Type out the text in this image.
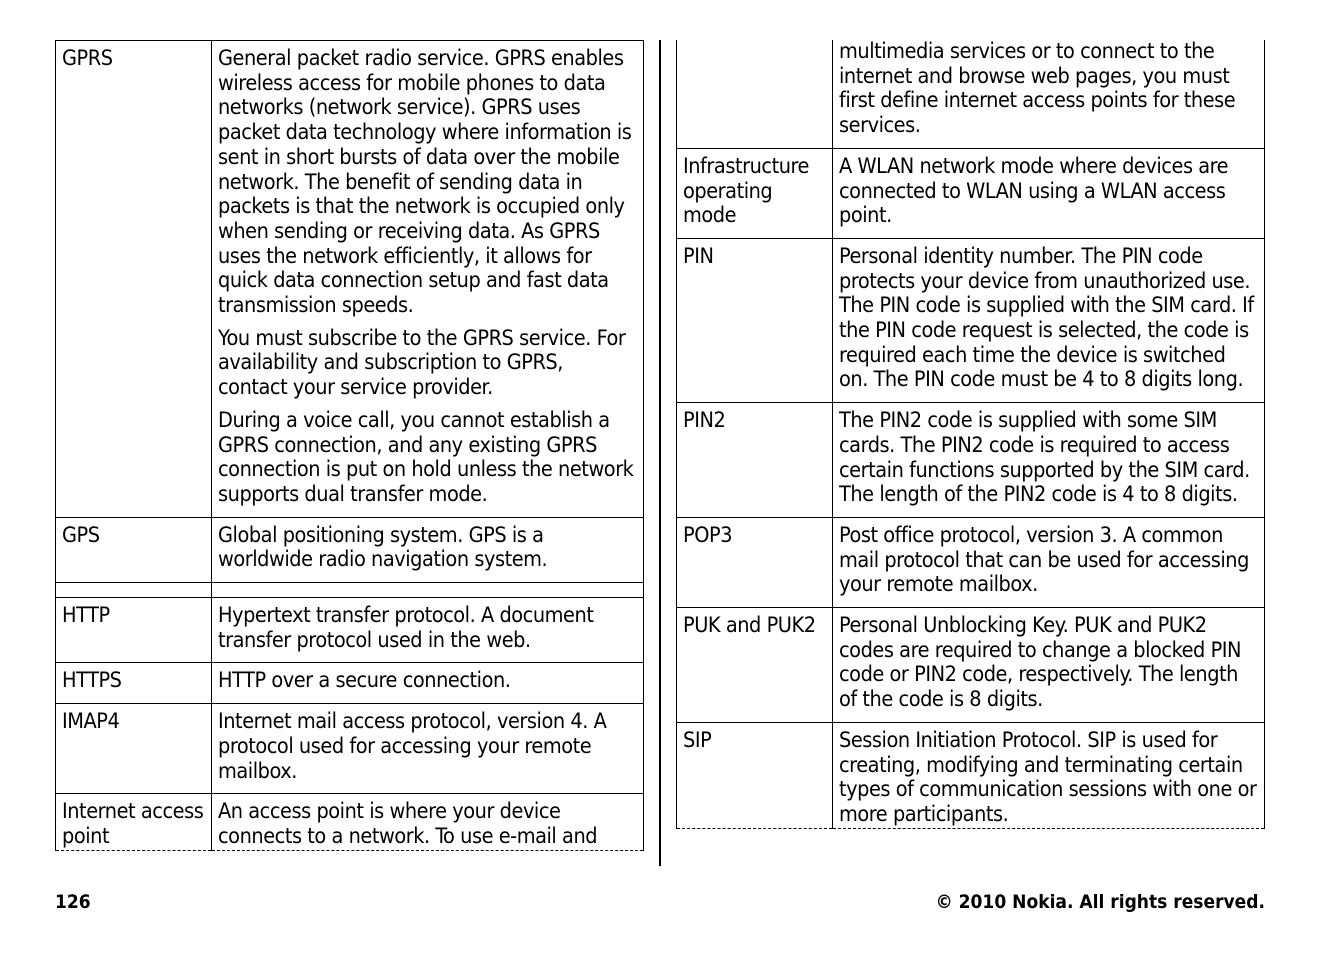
GPRS	General packet radio service. GPRS enables wireless access for mobile phones to data networks (network service). GPRS uses packet data technology where information is sent in short bursts of data over the mobile network. The benefit of sending data in packets is that the network is occupied only when sending or receiving data. As GPRS uses the network efficiently, it allows for quick data connection setup and fast data transmission speeds.

You must subscribe to the GPRS service. For availability and subscription to GPRS, contact your service provider.

During a voice call, you cannot establish a GPRS connection, and any existing GPRS connection is put on hold unless the network supports dual transfer mode.

GPS	Global positioning system. GPS is a worldwide radio navigation system.

HTTP	Hypertext transfer protocol. A document transfer protocol used in the web.

HTTPS	HTTP over a secure connection.

IMAP4	Internet mail access protocol, version 4. A protocol used for accessing your remote mailbox.

Internet access point	An access point is where your device connects to a network. To use e-mail and

	multimedia services or to connect to the internet and browse web pages, you must first define internet access points for these services.

Infrastructure operating mode	A WLAN network mode where devices are connected to WLAN using a WLAN access point.

PIN	Personal identity number. The PIN code protects your device from unauthorized use. The PIN code is supplied with the SIM card. If the PIN code request is selected, the code is required each time the device is switched on. The PIN code must be 4 to 8 digits long.

PIN2	The PIN2 code is supplied with some SIM cards. The PIN2 code is required to access certain functions supported by the SIM card. The length of the PIN2 code is 4 to 8 digits.

POP3	Post office protocol, version 3. A common mail protocol that can be used for accessing your remote mailbox.

PUK and PUK2	Personal Unblocking Key. PUK and PUK2 codes are required to change a blocked PIN code or PIN2 code, respectively. The length of the code is 8 digits.

SIP	Session Initiation Protocol. SIP is used for creating, modifying and terminating certain types of communication sessions with one or more participants.

126	© 2010 Nokia. All rights reserved.
